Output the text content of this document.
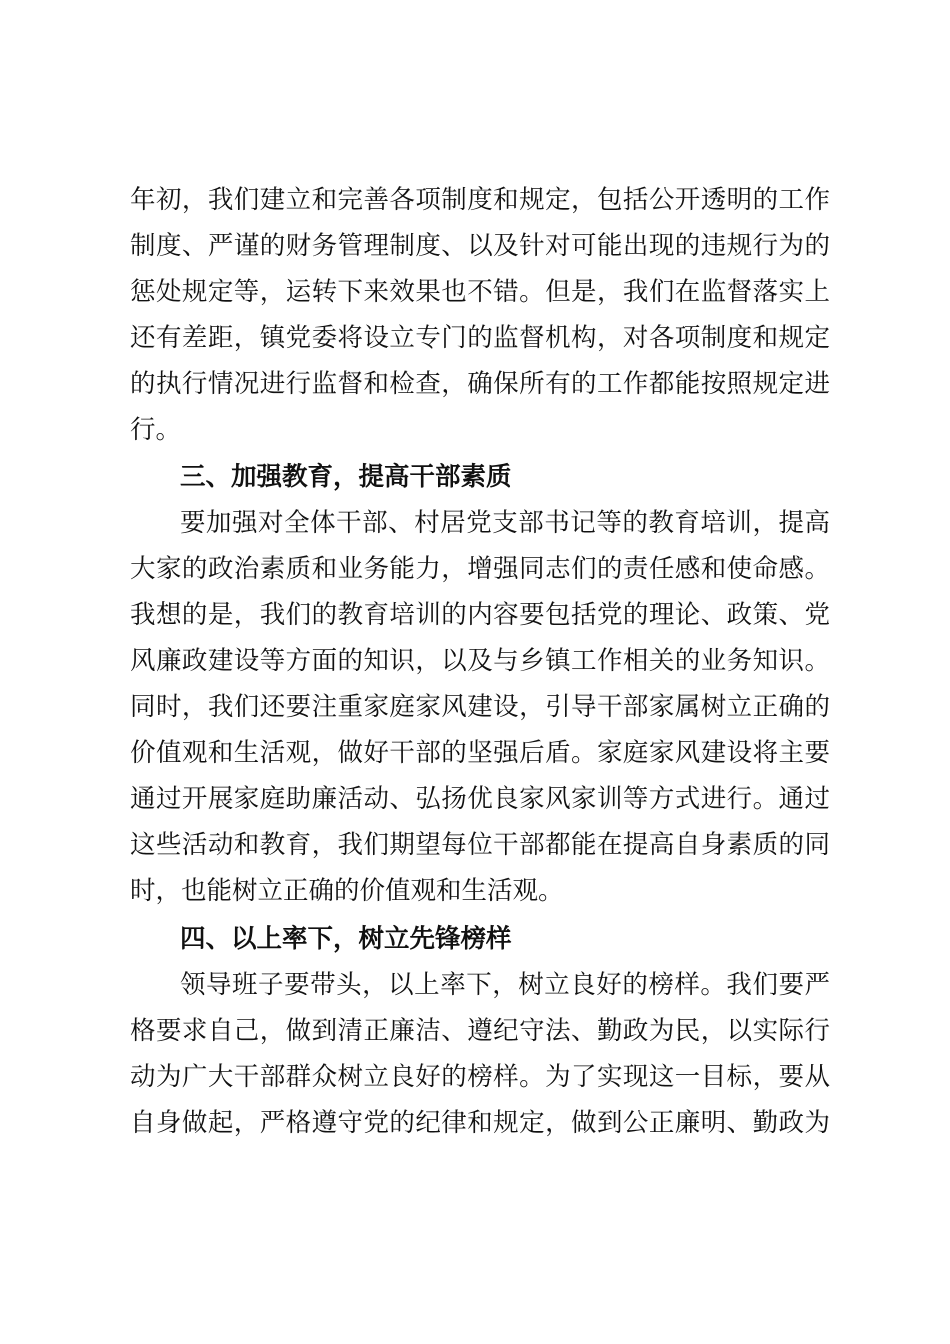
年初，我们建立和完善各项制度和规定，包括公开透明的工作
制度、严谨的财务管理制度、以及针对可能出现的违规行为的
惩处规定等，运转下来效果也不错。但是，我们在监督落实上
还有差距，镇党委将设立专门的监督机构，对各项制度和规定
的执行情况进行监督和检查，确保所有的工作都能按照规定进
行。
三、加强教育，提高干部素质
要加强对全体干部、村居党支部书记等的教育培训，提高
大家的政治素质和业务能力，增强同志们的责任感和使命感。
我想的是，我们的教育培训的内容要包括党的理论、政策、党
风廉政建设等方面的知识，以及与乡镇工作相关的业务知识。
同时，我们还要注重家庭家风建设，引导干部家属树立正确的
价值观和生活观，做好干部的坚强后盾。家庭家风建设将主要
通过开展家庭助廉活动、弘扬优良家风家训等方式进行。通过
这些活动和教育，我们期望每位干部都能在提高自身素质的同
时，也能树立正确的价值观和生活观。
四、以上率下，树立先锋榜样
领导班子要带头，以上率下，树立良好的榜样。我们要严
格要求自己，做到清正廉洁、遵纪守法、勤政为民，以实际行
动为广大干部群众树立良好的榜样。为了实现这一目标，要从
自身做起，严格遵守党的纪律和规定，做到公正廉明、勤政为
